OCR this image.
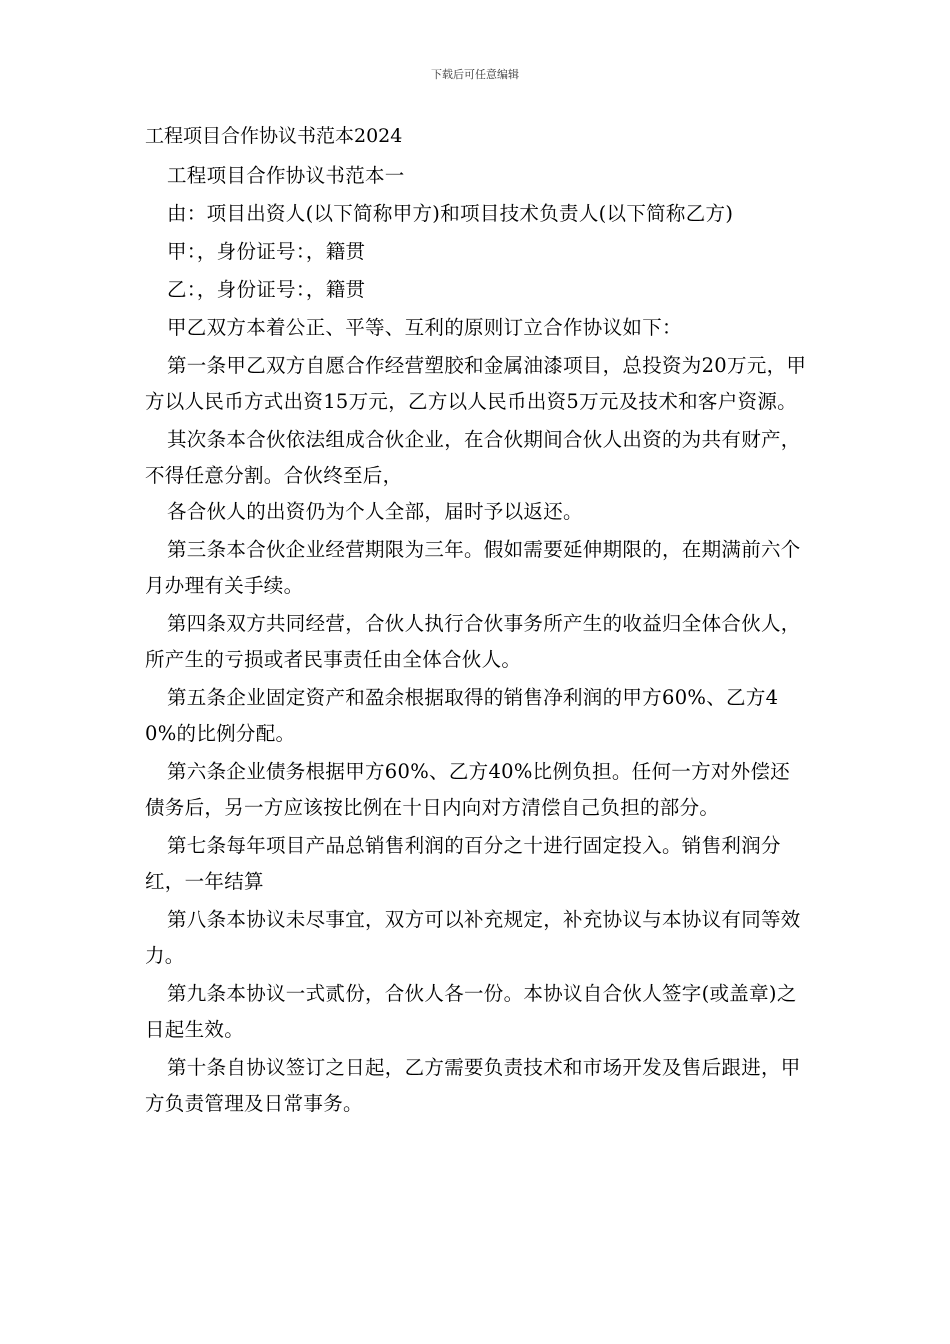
下载后可任意编辑
工程项目合作协议书范本2024

工程项目合作协议书范本一

由：项目出资人(以下简称甲方)和项目技术负责人(以下简称乙方)

甲：，身份证号：，籍贯

乙：，身份证号：，籍贯

甲乙双方本着公正、平等、互利的原则订立合作协议如下：

第一条甲乙双方自愿合作经营塑胶和金属油漆项目，总投资为20万元，甲方以人民币方式出资15万元，乙方以人民币出资5万元及技术和客户资源。

其次条本合伙依法组成合伙企业，在合伙期间合伙人出资的为共有财产，不得任意分割。合伙终至后，

各合伙人的出资仍为个人全部，届时予以返还。

第三条本合伙企业经营期限为三年。假如需要延伸期限的，在期满前六个月办理有关手续。

第四条双方共同经营，合伙人执行合伙事务所产生的收益归全体合伙人，所产生的亏损或者民事责任由全体合伙人。

第五条企业固定资产和盈余根据取得的销售净利润的甲方60%、乙方40%的比例分配。

第六条企业债务根据甲方60%、乙方40%比例负担。任何一方对外偿还债务后，另一方应该按比例在十日内向对方清偿自己负担的部分。

第七条每年项目产品总销售利润的百分之十进行固定投入。销售利润分红，一年结算

第八条本协议未尽事宜，双方可以补充规定，补充协议与本协议有同等效力。

第九条本协议一式贰份，合伙人各一份。本协议自合伙人签字(或盖章)之日起生效。

第十条自协议签订之日起，乙方需要负责技术和市场开发及售后跟进，甲方负责管理及日常事务。
